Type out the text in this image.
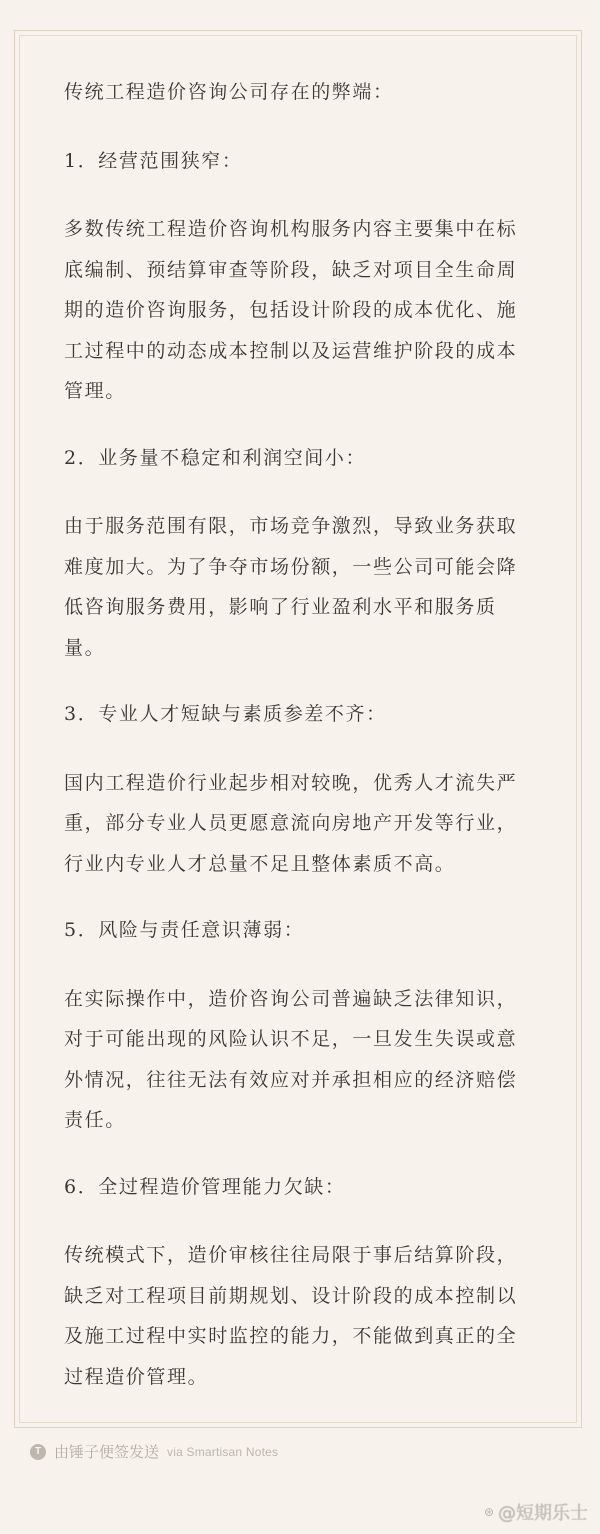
传统工程造价咨询公司存在的弊端：

1．经营范围狭窄：

多数传统工程造价咨询机构服务内容主要集中在标底编制、预结算审查等阶段，缺乏对项目全生命周期的造价咨询服务，包括设计阶段的成本优化、施工过程中的动态成本控制以及运营维护阶段的成本管理。

2．业务量不稳定和利润空间小：

由于服务范围有限，市场竞争激烈，导致业务获取难度加大。为了争夺市场份额，一些公司可能会降低咨询服务费用，影响了行业盈利水平和服务质量。

3．专业人才短缺与素质参差不齐：

国内工程造价行业起步相对较晚，优秀人才流失严重，部分专业人员更愿意流向房地产开发等行业，行业内专业人才总量不足且整体素质不高。

5．风险与责任意识薄弱：

在实际操作中，造价咨询公司普遍缺乏法律知识，对于可能出现的风险认识不足，一旦发生失误或意外情况，往往无法有效应对并承担相应的经济赔偿责任。

6．全过程造价管理能力欠缺：

传统模式下，造价审核往往局限于事后结算阶段，缺乏对工程项目前期规划、设计阶段的成本控制以及施工过程中实时监控的能力，不能做到真正的全过程造价管理。

T 由锤子便签发送 via Smartisan Notes
⊛ @短期乐士
